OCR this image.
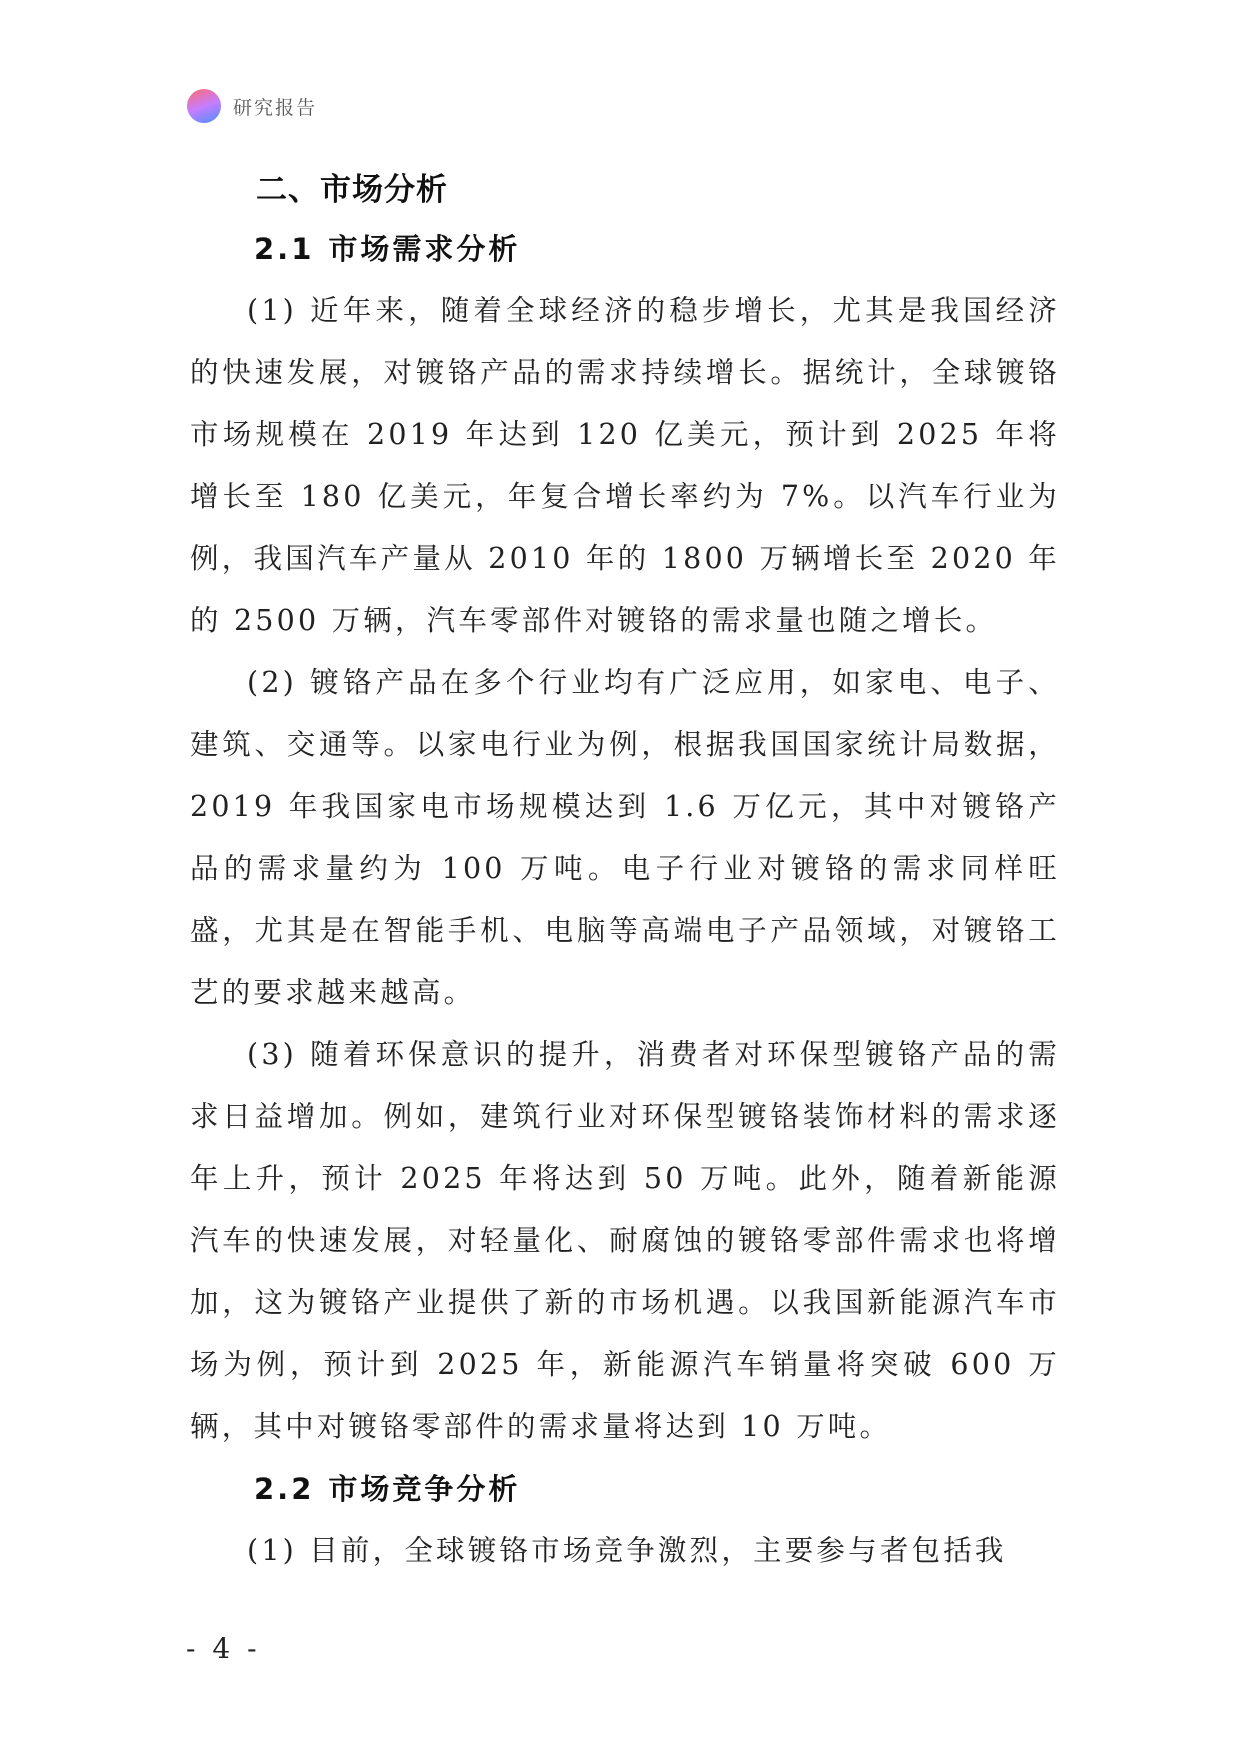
研究报告
二、市场分析
2.1 市场需求分析

(1) 近年来，随着全球经济的稳步增长，尤其是我国经济的快速发展，对镀铬产品的需求持续增长。据统计，全球镀铬市场规模在 2019 年达到 120 亿美元，预计到 2025 年将增长至 180 亿美元，年复合增长率约为 7%。以汽车行业为例，我国汽车产量从 2010 年的 1800 万辆增长至 2020 年的 2500 万辆，汽车零部件对镀铬的需求量也随之增长。

(2) 镀铬产品在多个行业均有广泛应用，如家电、电子、建筑、交通等。以家电行业为例，根据我国国家统计局数据，2019 年我国家电市场规模达到 1.6 万亿元，其中对镀铬产品的需求量约为 100 万吨。电子行业对镀铬的需求同样旺盛，尤其是在智能手机、电脑等高端电子产品领域，对镀铬工艺的要求越来越高。

(3) 随着环保意识的提升，消费者对环保型镀铬产品的需求日益增加。例如，建筑行业对环保型镀铬装饰材料的需求逐年上升，预计 2025 年将达到 50 万吨。此外，随着新能源汽车的快速发展，对轻量化、耐腐蚀的镀铬零部件需求也将增加，这为镀铬产业提供了新的市场机遇。以我国新能源汽车市场为例，预计到 2025 年，新能源汽车销量将突破 600 万辆，其中对镀铬零部件的需求量将达到 10 万吨。

2.2 市场竞争分析

(1) 目前，全球镀铬市场竞争激烈，主要参与者包括我

- 4 -
